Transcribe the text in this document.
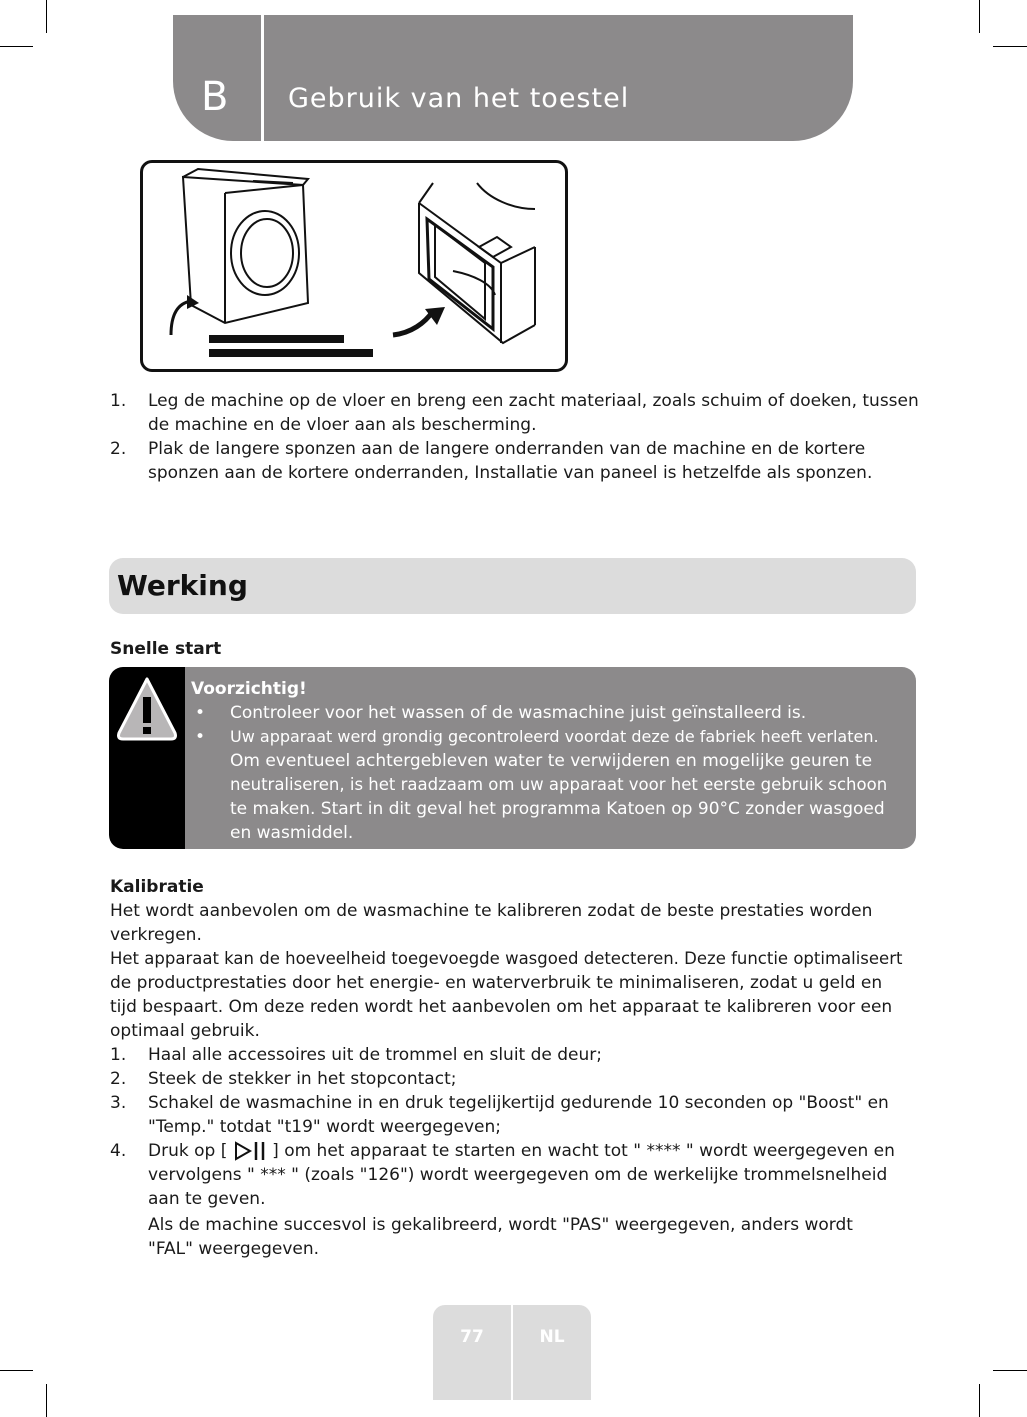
B Gebruik van het toestel
1. Leg de machine op de vloer en breng een zacht materiaal, zoals schuim of doeken, tussen
de machine en de vloer aan als bescherming.
2. Plak de langere sponzen aan de langere onderranden van de machine en de kortere
sponzen aan de kortere onderranden, Installatie van paneel is hetzelfde als sponzen.
Werking
Snelle start
Voorzichtig!
• Controleer voor het wassen of de wasmachine juist geïnstalleerd is.
• Uw apparaat werd grondig gecontroleerd voordat deze de fabriek heeft verlaten.
Om eventueel achtergebleven water te verwijderen en mogelijke geuren te
neutraliseren, is het raadzaam om uw apparaat voor het eerste gebruik schoon
te maken. Start in dit geval het programma Katoen op 90°C zonder wasgoed
en wasmiddel.
Kalibratie
Het wordt aanbevolen om de wasmachine te kalibreren zodat de beste prestaties worden
verkregen.
Het apparaat kan de hoeveelheid toegevoegde wasgoed detecteren. Deze functie optimaliseert
de productprestaties door het energie- en waterverbruik te minimaliseren, zodat u geld en
tijd bespaart. Om deze reden wordt het aanbevolen om het apparaat te kalibreren voor een
optimaal gebruik.
1. Haal alle accessoires uit de trommel en sluit de deur;
2. Steek de stekker in het stopcontact;
3. Schakel de wasmachine in en druk tegelijkertijd gedurende 10 seconden op "Boost" en
"Temp." totdat "t19" wordt weergegeven;
4. Druk op [	] om het apparaat te starten en wacht tot " **** " wordt weergegeven en
vervolgens " *** " (zoals "126") wordt weergegeven om de werkelijke trommelsnelheid
aan te geven.
Als de machine succesvol is gekalibreerd, wordt "PAS" weergegeven, anders wordt
"FAL" weergegeven.
77	NL
